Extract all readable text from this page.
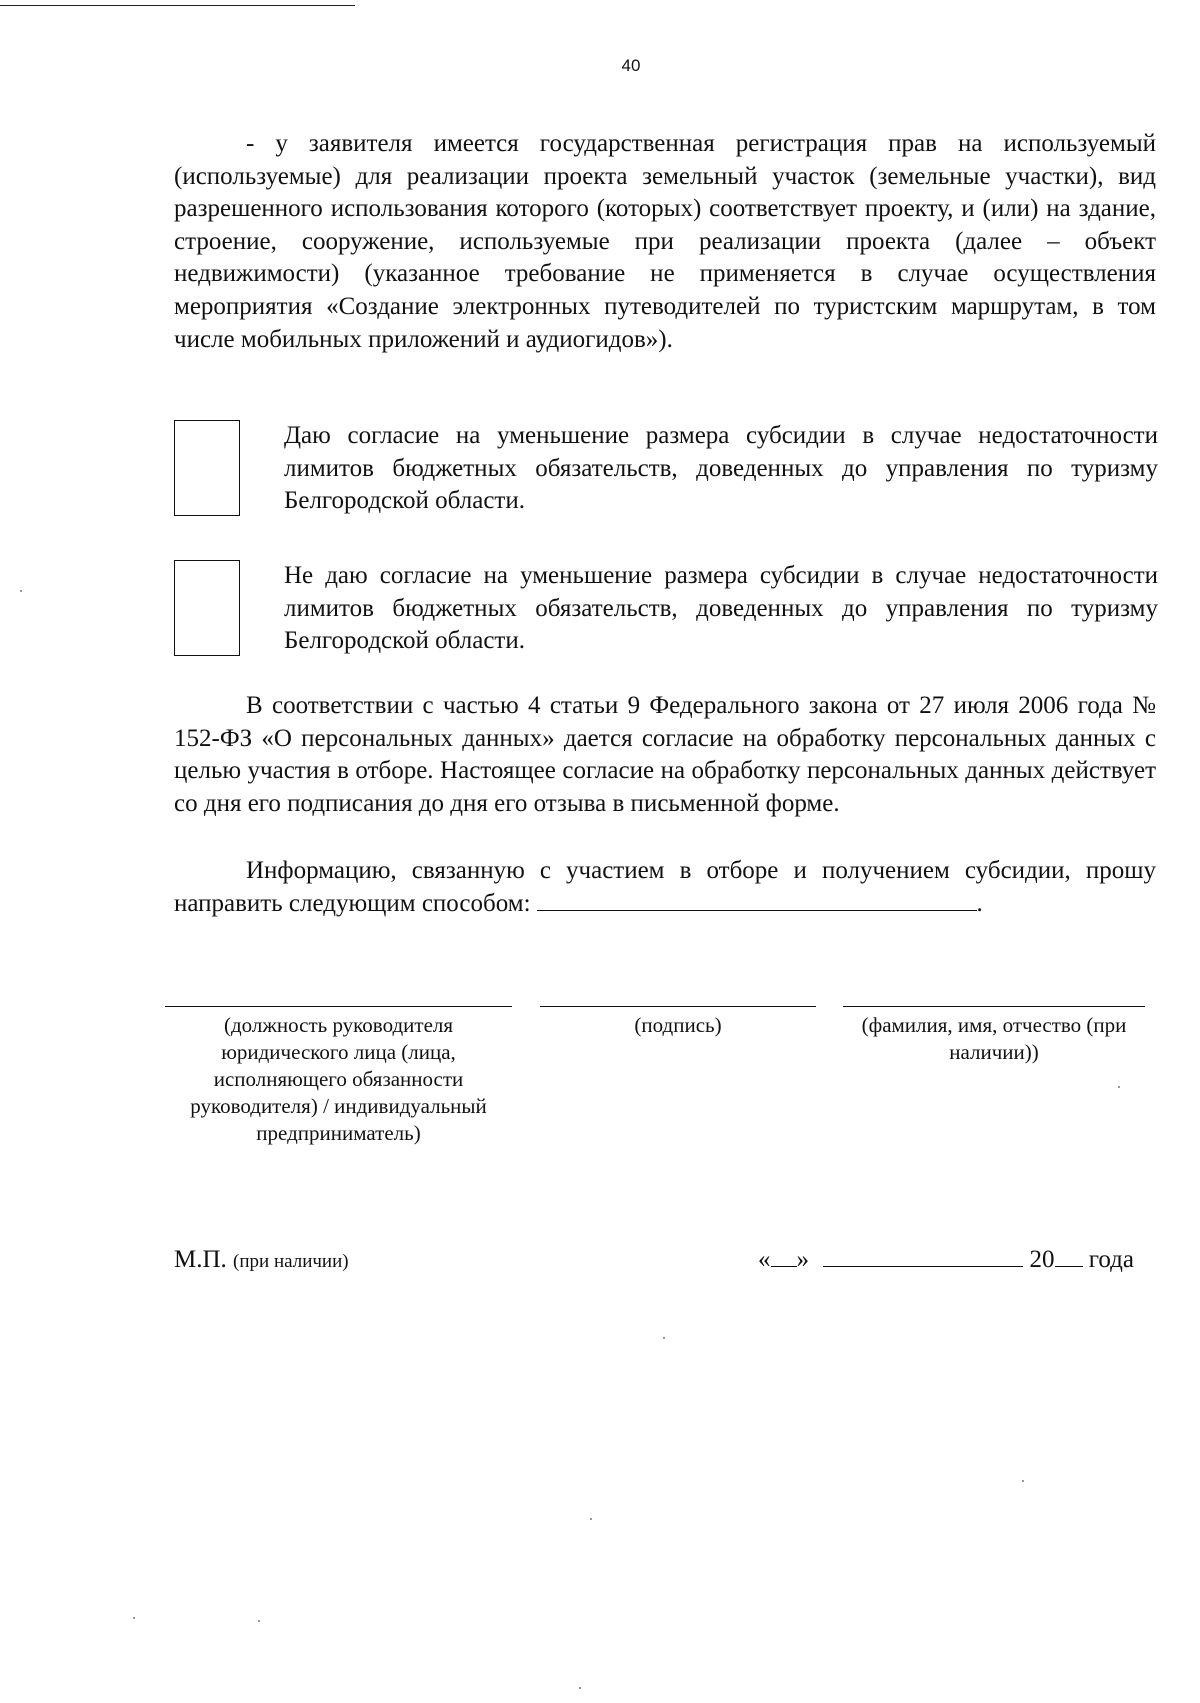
40

- у заявителя имеется государственная регистрация прав на используемый (используемые) для реализации проекта земельный участок (земельные участки), вид разрешенного использования которого (которых) соответствует проекту, и (или) на здание, строение, сооружение, используемые при реализации проекта (далее – объект недвижимости) (указанное требование не применяется в случае осуществления мероприятия «Создание электронных путеводителей по туристским маршрутам, в том числе мобильных приложений и аудиогидов»).

Даю согласие на уменьшение размера субсидии в случае недостаточности лимитов бюджетных обязательств, доведенных до управления по туризму Белгородской области.

Не даю согласие на уменьшение размера субсидии в случае недостаточности лимитов бюджетных обязательств, доведенных до управления по туризму Белгородской области.

В соответствии с частью 4 статьи 9 Федерального закона от 27 июля 2006 года № 152-ФЗ «О персональных данных» дается согласие на обработку персональных данных с целью участия в отборе. Настоящее согласие на обработку персональных данных действует со дня его подписания до дня его отзыва в письменной форме.

Информацию, связанную с участием в отборе и получением субсидии, прошу направить следующим способом:	.

(должность руководителя юридического лица (лица, исполняющего обязанности руководителя) / индивидуальный предприниматель)
(подпись)	(фамилия, имя, отчество (при наличии))
М.П. (при наличии)	« »	20 года
